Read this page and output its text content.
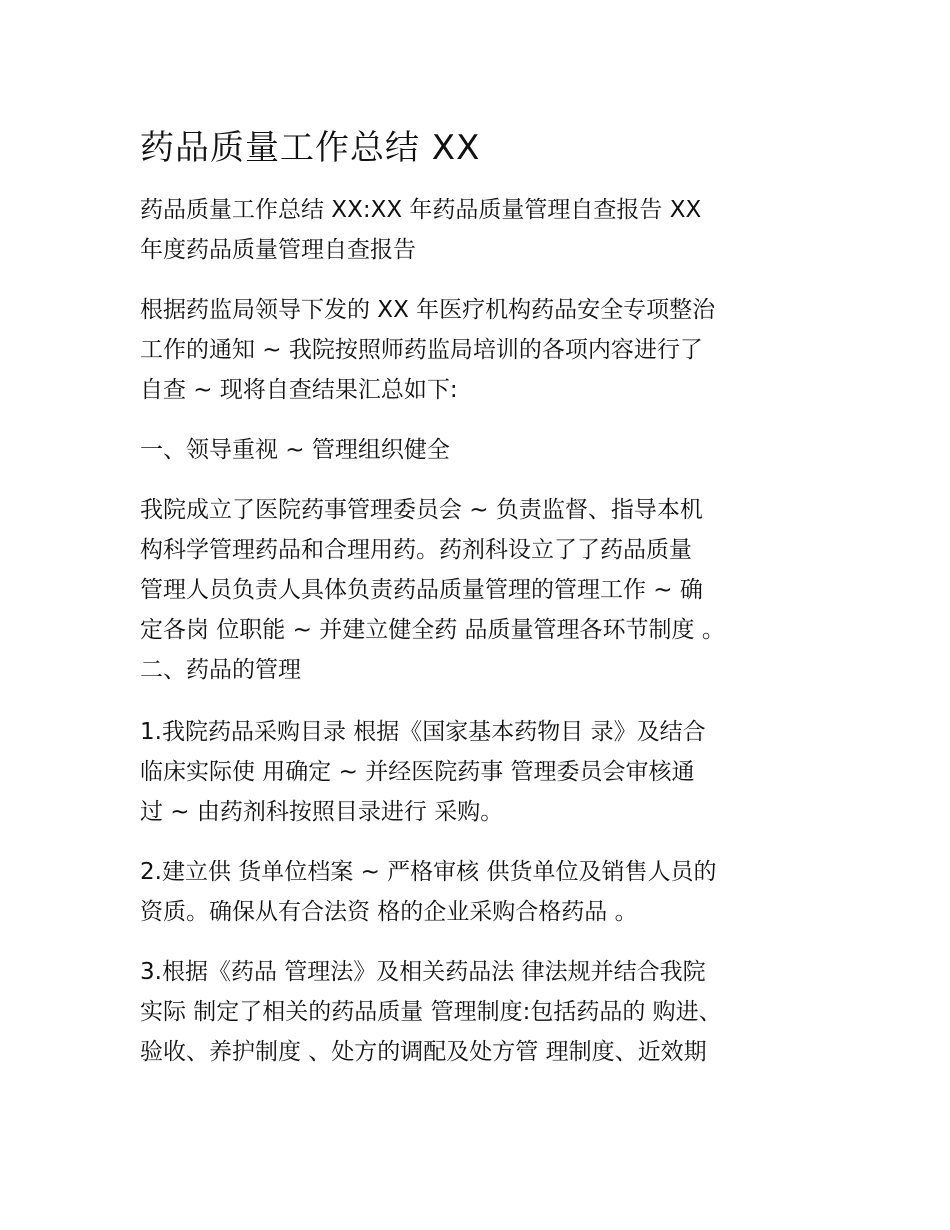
药品质量工作总结 XX
药品质量工作总结 XX:XX 年药品质量管理自查报告 XX
年度药品质量管理自查报告
根据药监局领导下发的 XX 年医疗机构药品安全专项整治
工作的通知 ~ 我院按照师药监局培训的各项内容进行了
自查 ~ 现将自查结果汇总如下:
一、领导重视 ~ 管理组织健全
我院成立了医院药事管理委员会 ~ 负责监督、指导本机
构科学管理药品和合理用药。药剂科设立了了药品质量
管理人员负责人具体负责药品质量管理的管理工作 ~ 确
定各岗 位职能 ~ 并建立健全药 品质量管理各环节制度 。
二、药品的管理
1.我院药品采购目录 根据《国家基本药物目 录》及结合
临床实际使 用确定 ~ 并经医院药事 管理委员会审核通
过 ~ 由药剂科按照目录进行 采购。
2.建立供 货单位档案 ~ 严格审核 供货单位及销售人员的
资质。确保从有合法资 格的企业采购合格药品 。
3.根据《药品 管理法》及相关药品法 律法规并结合我院
实际 制定了相关的药品质量 管理制度:包括药品的 购进、
验收、养护制度 、处方的调配及处方管 理制度、近效期
